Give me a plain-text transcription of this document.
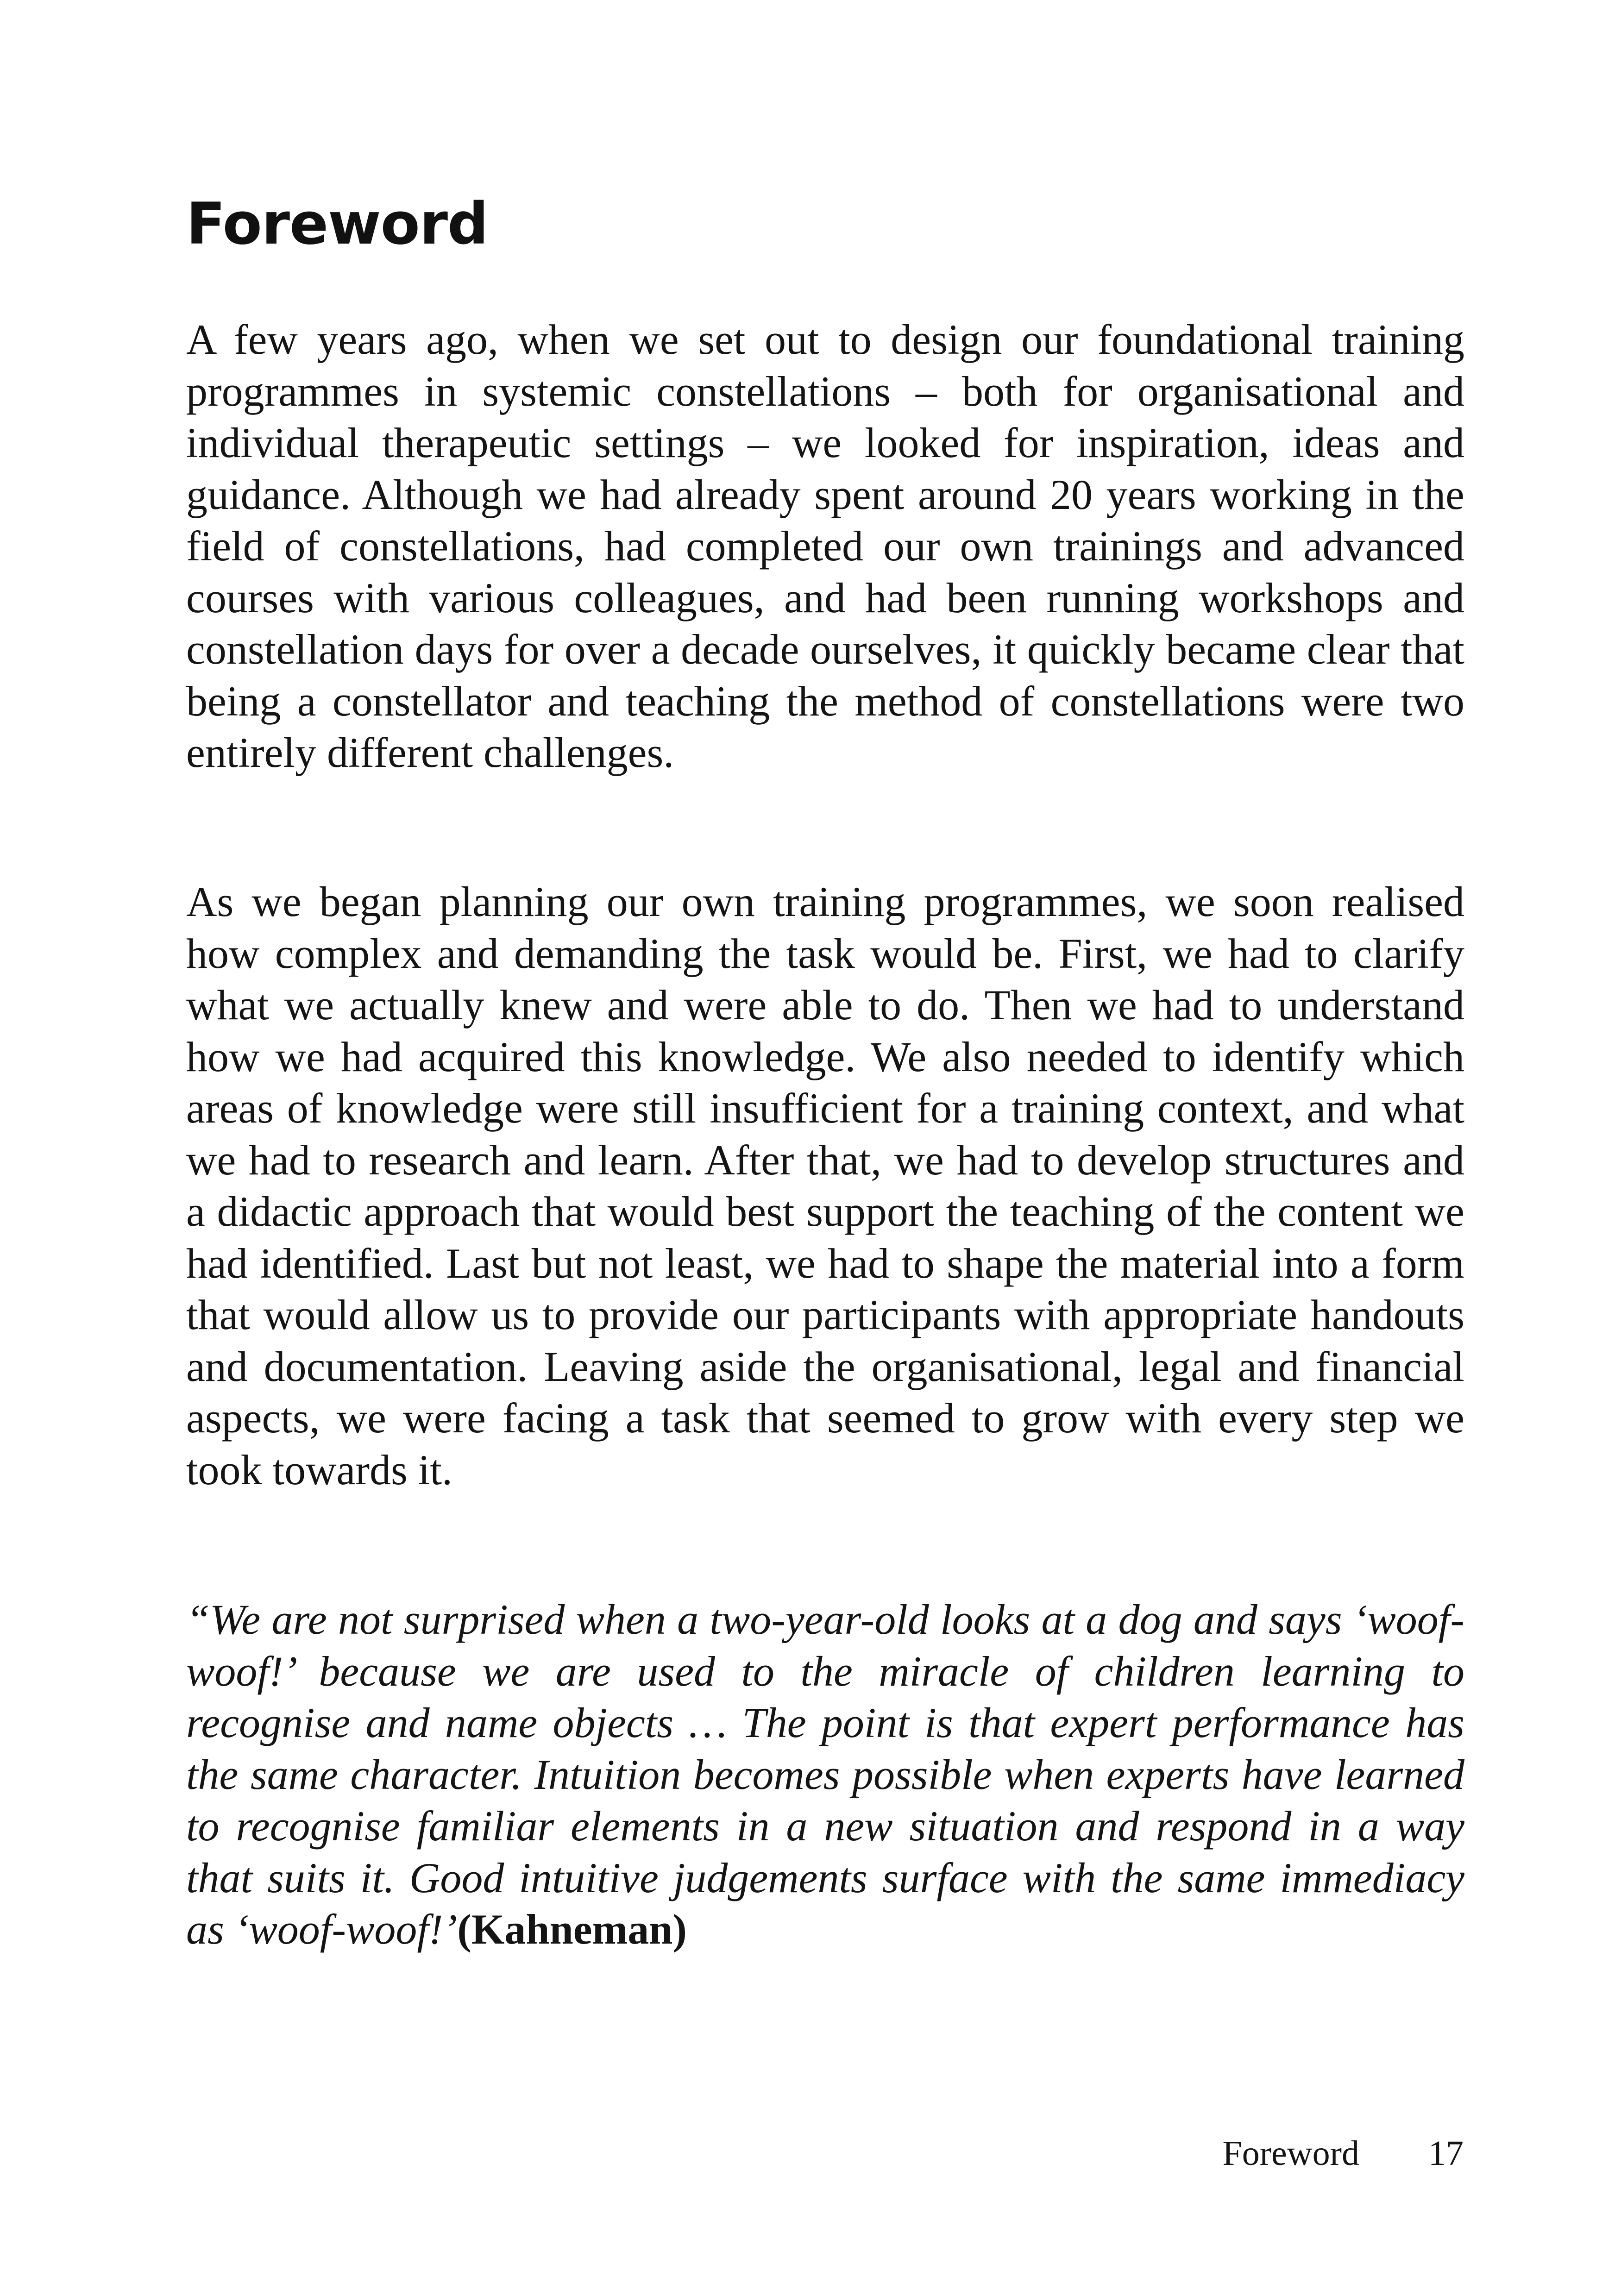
Foreword

A few years ago, when we set out to design our foundational training programmes in systemic constellations – both for organisational and individual therapeutic settings – we looked for inspiration, ideas and guidance. Although we had already spent around 20 years working in the field of constellations, had completed our own trainings and advanced courses with various colleagues, and had been running workshops and constellation days for over a decade ourselves, it quickly became clear that being a constellator and teaching the method of constellations were two entirely different challenges.

As we began planning our own training programmes, we soon realised how complex and demanding the task would be. First, we had to clarify what we actually knew and were able to do. Then we had to understand how we had acquired this knowledge. We also needed to identify which areas of knowledge were still insufficient for a training context, and what we had to research and learn. After that, we had to develop structures and a didactic approach that would best support the teaching of the content we had identified. Last but not least, we had to shape the material into a form that would allow us to provide our participants with appropriate handouts and documentation. Leaving aside the organisational, legal and financial aspects, we were facing a task that seemed to grow with every step we took towards it.

“We are not surprised when a two-year-old looks at a dog and says ‘woof-woof!’ because we are used to the miracle of children learning to recognise and name objects … The point is that expert performance has the same character. Intuition becomes possible when experts have learned to recognise familiar elements in a new situation and respond in a way that suits it. Good intuitive judgements surface with the same immediacy as ‘woof-woof!’(Kahneman)

Foreword 17
